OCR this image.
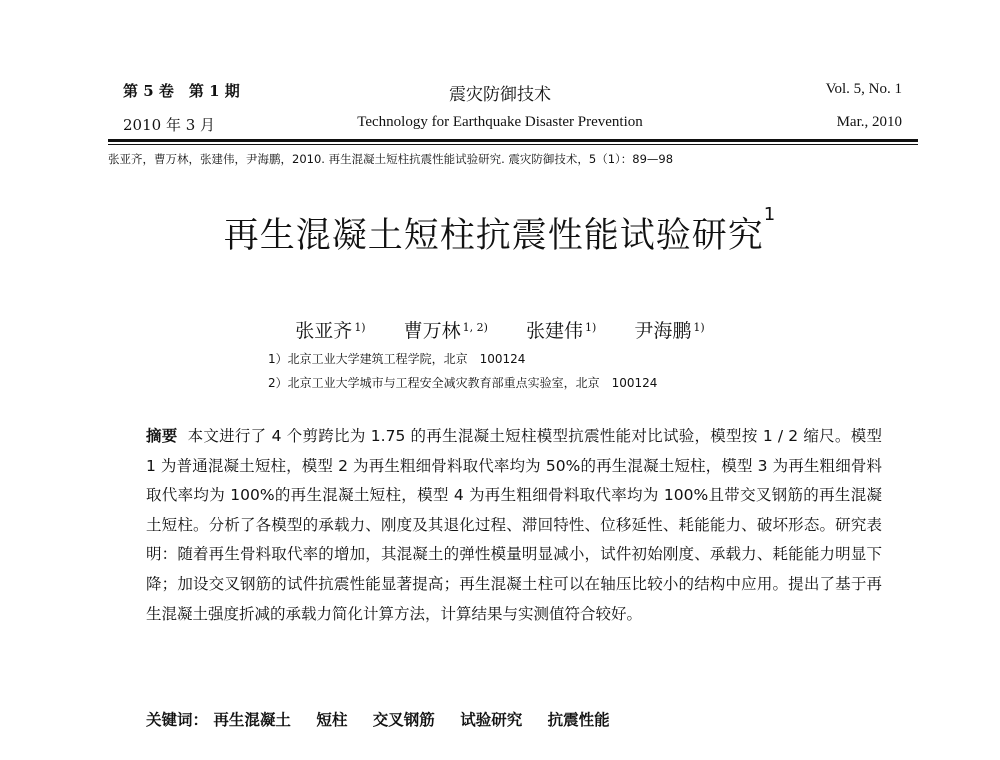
第 5 卷　第 1 期	震灾防御技术	Vol. 5, No. 1
2010 年 3 月	Technology for Earthquake Disaster Prevention	Mar., 2010
张亚齐，曹万林，张建伟，尹海鹏，2010. 再生混凝土短柱抗震性能试验研究. 震灾防御技术，5（1）：89—98
再生混凝土短柱抗震性能试验研究$^1$
张亚齐 $^{1)}$ 曹万林 $^{1, 2)}$ 张建伟 $^{1)}$ 尹海鹏 $^{1)}$
1）北京工业大学建筑工程学院，北京　100124
2）北京工业大学城市与工程安全减灾教育部重点实验室，北京　100124
摘要 本文进行了 4 个剪跨比为 1.75 的再生混凝土短柱模型抗震性能对比试验，模型按 1 / 2 缩尺。模型 1 为普通混凝土短柱，模型 2 为再生粗细骨料取代率均为 50%的再生混凝土短柱，模型 3 为再生粗细骨料取代率均为 100%的再生混凝土短柱，模型 4 为再生粗细骨料取代率均为 100%且带交叉钢筋的再生混凝土短柱。分析了各模型的承载力、刚度及其退化过程、滞回特性、位移延性、耗能能力、破坏形态。研究表明：随着再生骨料取代率的增加，其混凝土的弹性模量明显减小，试件初始刚度、承载力、耗能能力明显下降；加设交叉钢筋的试件抗震性能显著提高；再生混凝土柱可以在轴压比较小的结构中应用。提出了基于再生混凝土强度折减的承载力简化计算方法，计算结果与实测值符合较好。
关键词： 再生混凝土 短柱 交叉钢筋 试验研究 抗震性能
